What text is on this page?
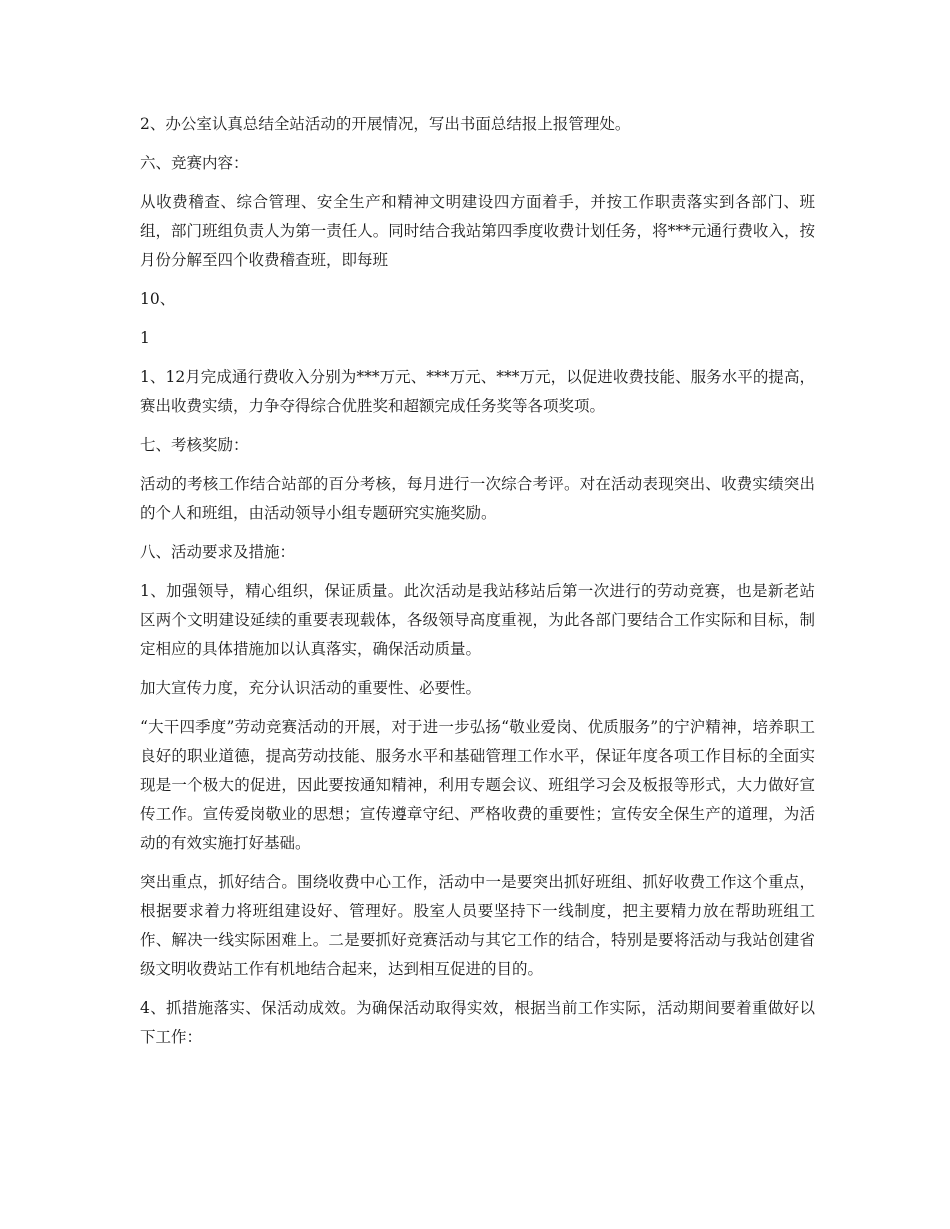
2、办公室认真总结全站活动的开展情况，写出书面总结报上报管理处。

六、竞赛内容：

从收费稽查、综合管理、安全生产和精神文明建设四方面着手，并按工作职责落实到各部门、班组，部门班组负责人为第一责任人。同时结合我站第四季度收费计划任务，将***元通行费收入，按月份分解至四个收费稽查班，即每班

10、

1

1、12月完成通行费收入分别为***万元、***万元、***万元，以促进收费技能、服务水平的提高，赛出收费实绩，力争夺得综合优胜奖和超额完成任务奖等各项奖项。

七、考核奖励：

活动的考核工作结合站部的百分考核，每月进行一次综合考评。对在活动表现突出、收费实绩突出的个人和班组，由活动领导小组专题研究实施奖励。

八、活动要求及措施：

1、加强领导，精心组织，保证质量。此次活动是我站移站后第一次进行的劳动竞赛，也是新老站区两个文明建设延续的重要表现载体，各级领导高度重视，为此各部门要结合工作实际和目标，制定相应的具体措施加以认真落实，确保活动质量。

加大宣传力度，充分认识活动的重要性、必要性。

“大干四季度”劳动竞赛活动的开展，对于进一步弘扬“敬业爱岗、优质服务”的宁沪精神，培养职工良好的职业道德，提高劳动技能、服务水平和基础管理工作水平，保证年度各项工作目标的全面实现是一个极大的促进，因此要按通知精神，利用专题会议、班组学习会及板报等形式，大力做好宣传工作。宣传爱岗敬业的思想；宣传遵章守纪、严格收费的重要性；宣传安全保生产的道理，为活动的有效实施打好基础。

突出重点，抓好结合。围绕收费中心工作，活动中一是要突出抓好班组、抓好收费工作这个重点，根据要求着力将班组建设好、管理好。股室人员要坚持下一线制度，把主要精力放在帮助班组工作、解决一线实际困难上。二是要抓好竞赛活动与其它工作的结合，特别是要将活动与我站创建省级文明收费站工作有机地结合起来，达到相互促进的目的。

4、抓措施落实、保活动成效。为确保活动取得实效，根据当前工作实际，活动期间要着重做好以下工作：
